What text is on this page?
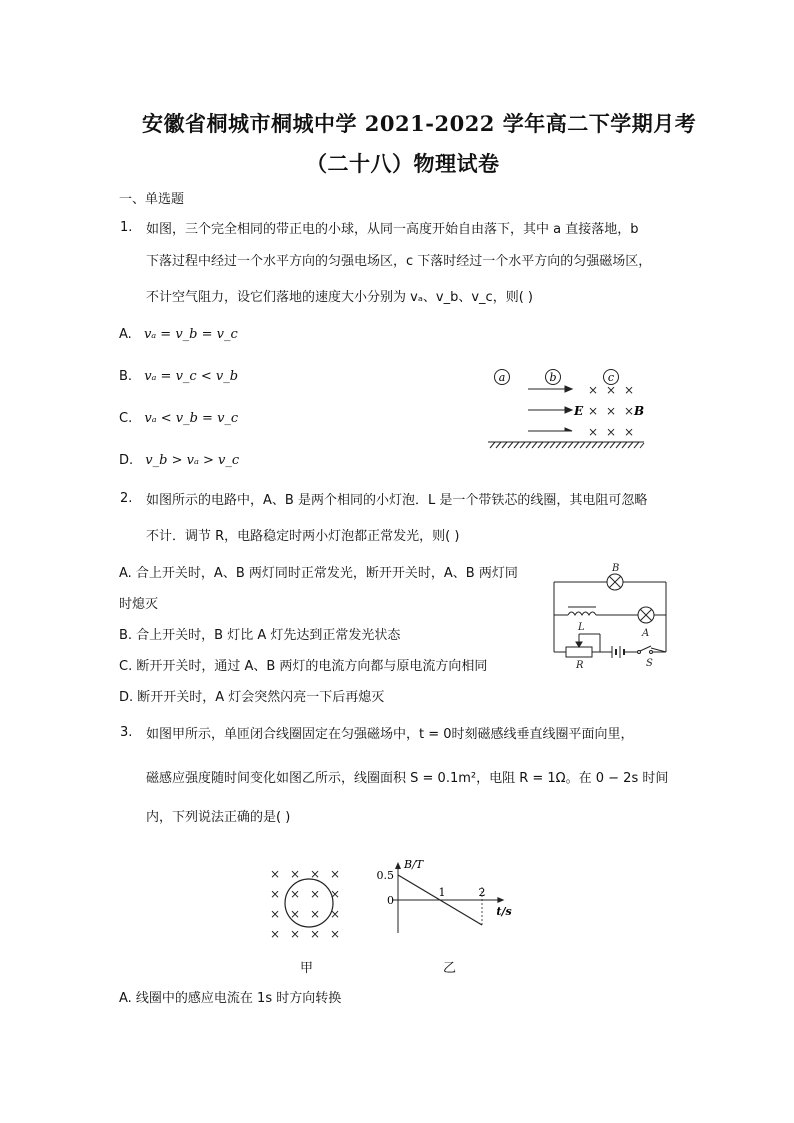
安徽省桐城市桐城中学 2021-2022 学年高二下学期月考
（二十八）物理试卷
一、单选题
1. 如图，三个完全相同的带正电的小球，从同一高度开始自由落下，其中 a 直接落地，b
下落过程中经过一个水平方向的匀强电场区，c 下落时经过一个水平方向的匀强磁场区，
不计空气阻力，设它们落地的速度大小分别为 vₐ、v_b、v_c，则( )
A. vₐ = v_b = v_c
B. vₐ = v_c < v_b
C. vₐ < v_b = v_c
D. v_b > vₐ > v_c
a	b	c
E
× × ×
× × ×
× × ×
B
2. 如图所示的电路中，A、B 是两个相同的小灯泡．L 是一个带铁芯的线圈，其电阻可忽略
不计．调节 R，电路稳定时两小灯泡都正常发光，则( )
A. 合上开关时，A、B 两灯同时正常发光，断开开关时，A、B 两灯同
时熄灭
B. 合上开关时，B 灯比 A 灯先达到正常发光状态
C. 断开开关时，通过 A、B 两灯的电流方向都与原电流方向相同
D. 断开开关时，A 灯会突然闪亮一下后再熄灭
B
L
A
R	S
3. 如图甲所示，单匝闭合线圈固定在匀强磁场中，t = 0时刻磁感线垂直线圈平面向里，
磁感应强度随时间变化如图乙所示，线圈面积 S = 0.1m²，电阻 R = 1Ω。在 0 − 2s 时间
内，下列说法正确的是( )
× × × ×
× × × ×
× × × ×
× × × ×
甲
B/T
t/s
0.5
0
1	2
乙
A. 线圈中的感应电流在 1s 时方向转换
